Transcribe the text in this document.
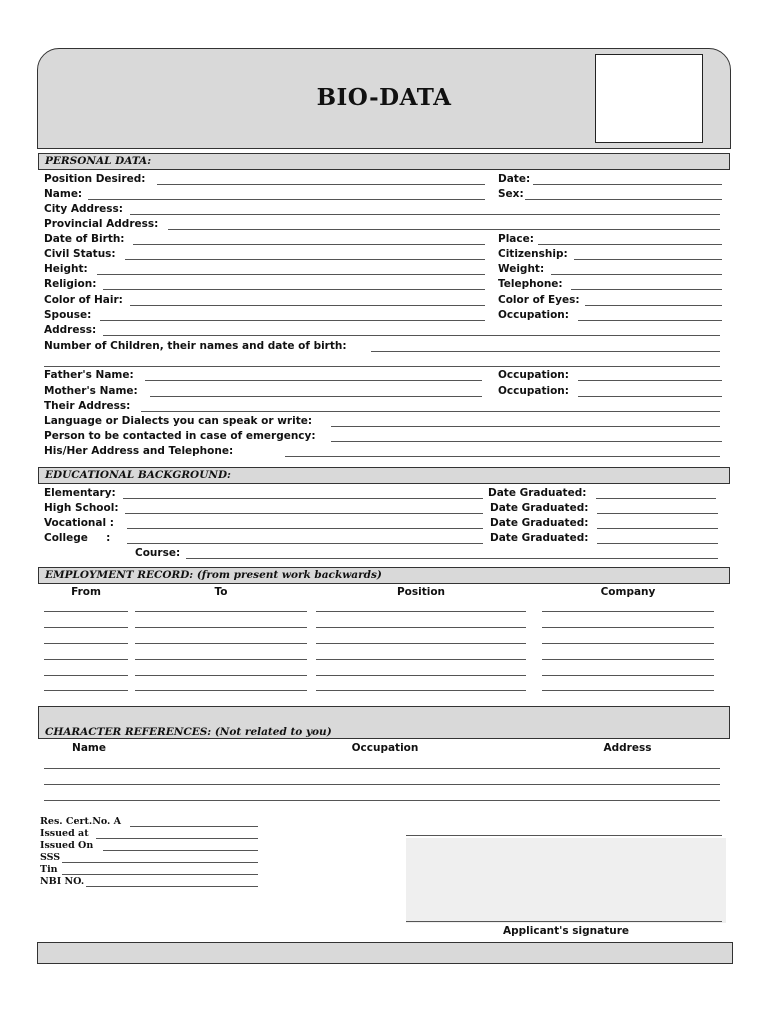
BIO-DATA
PERSONAL DATA:
Position Desired:	Date:
Name:	Sex:
City Address:
Provincial Address:
Date of Birth:	Place:
Civil Status:	Citizenship:
Height:	Weight:
Religion:	Telephone:
Color of Hair:	Color of Eyes:
Spouse:	Occupation:
Address:
Number of Children, their names and date of birth:
Father's Name:	Occupation:
Mother's Name:	Occupation:
Their Address:
Language or Dialects you can speak or write:
Person to be contacted in case of emergency:
His/Her Address and Telephone:
EDUCATIONAL BACKGROUND:
Elementary:	Date Graduated:
High School:	Date Graduated:
Vocational :	Date Graduated:
College     :	Date Graduated:
Course:
EMPLOYMENT RECORD: (from present work backwards)
From	To	Position	Company
CHARACTER REFERENCES: (Not related to you)
Name	Occupation	Address
Res. Cert.No. A
Issued at
Issued On
SSS
Tin
NBI NO.
Applicant's signature
